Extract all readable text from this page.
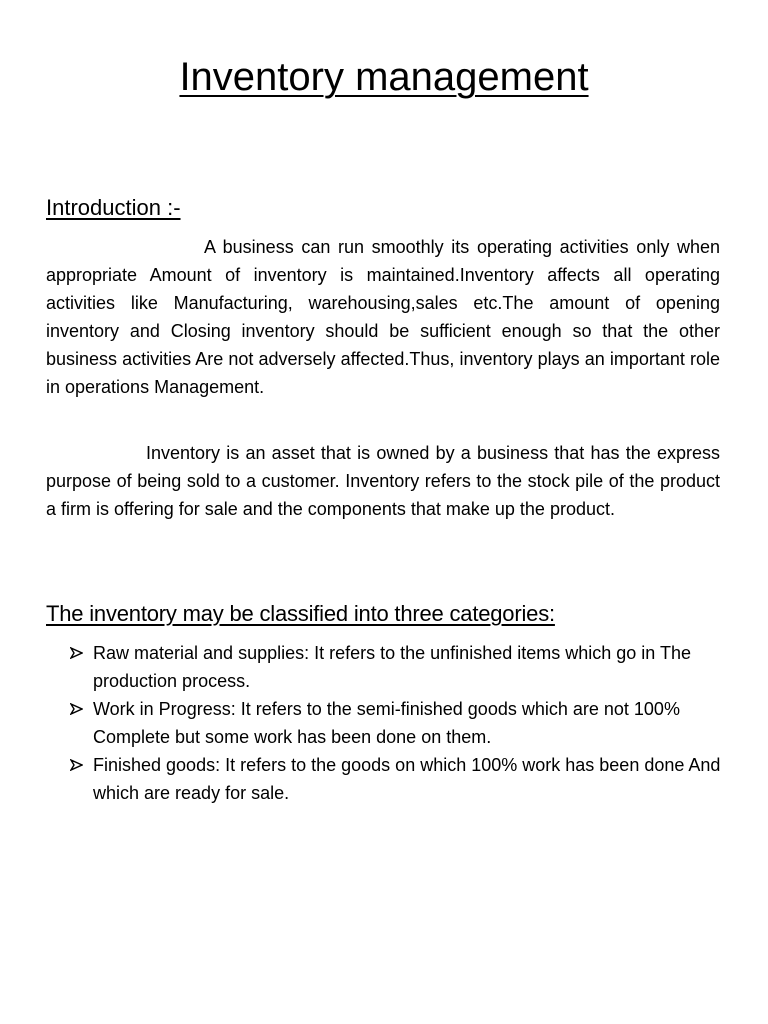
Inventory management
Introduction :-

A business can run smoothly its operating activities only when appropriate Amount of inventory is maintained.Inventory affects all operating activities like Manufacturing, warehousing,sales etc.The amount of opening inventory and Closing inventory should be sufficient enough so that the other business activities Are not adversely affected.Thus, inventory plays an important role in operations Management.

Inventory is an asset that is owned by a business that has the express purpose of being sold to a customer. Inventory refers to the stock pile of the product a firm is offering for sale and the components that make up the product.

The inventory may be classified into three categories:
Raw material and supplies: It refers to the unfinished items which go in The production process.
Work in Progress: It refers to the semi-finished goods which are not 100% Complete but some work has been done on them.
Finished goods: It refers to the goods on which 100% work has been done And which are ready for sale.
